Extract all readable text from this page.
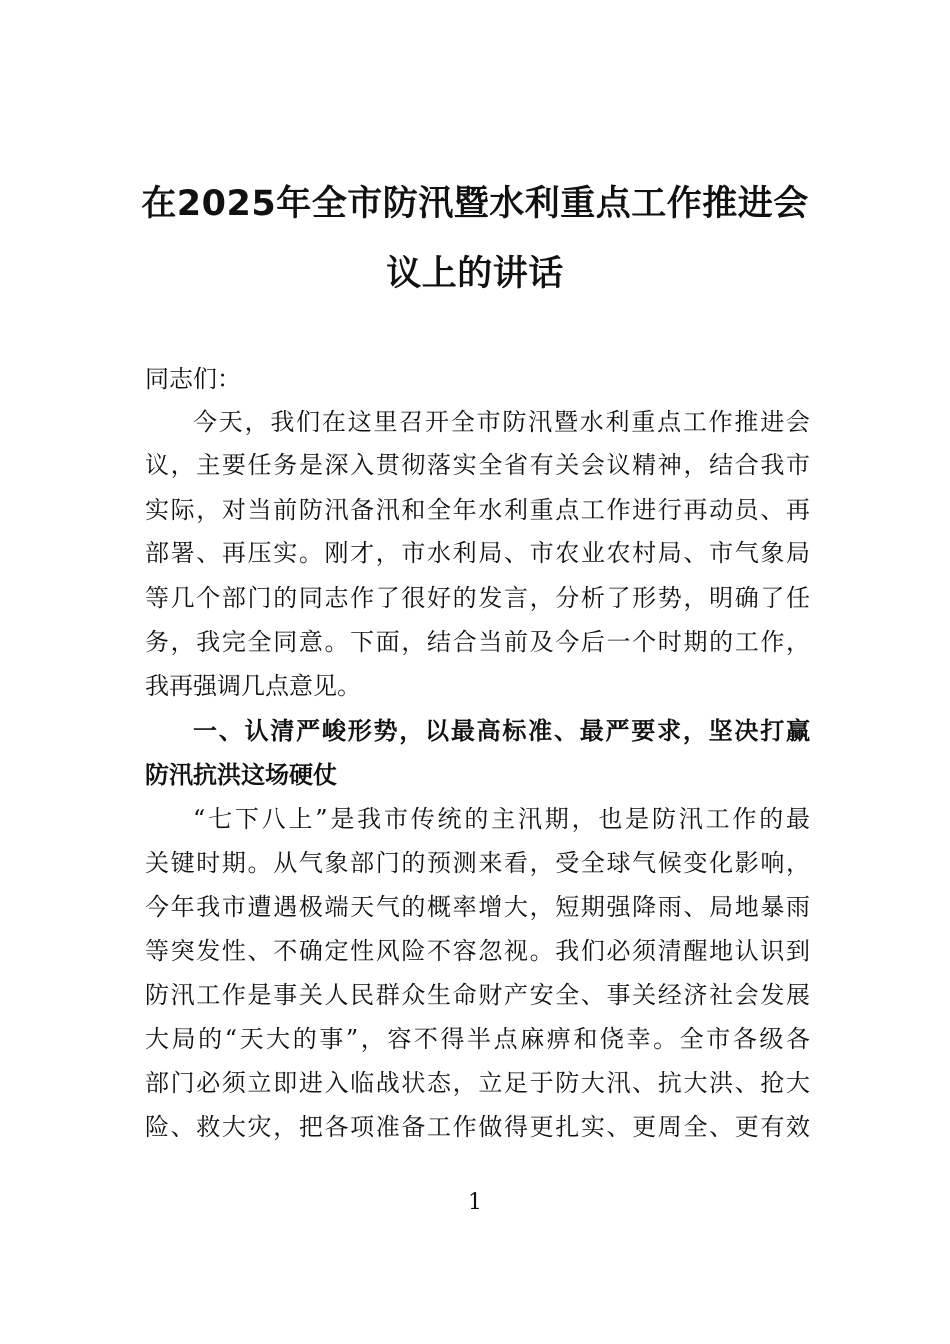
在2025年全市防汛暨水利重点工作推进会
议上的讲话
同志们：
今天，我们在这里召开全市防汛暨水利重点工作推进会
议，主要任务是深入贯彻落实全省有关会议精神，结合我市
实际，对当前防汛备汛和全年水利重点工作进行再动员、再
部署、再压实。刚才，市水利局、市农业农村局、市气象局
等几个部门的同志作了很好的发言，分析了形势，明确了任
务，我完全同意。下面，结合当前及今后一个时期的工作，
我再强调几点意见。
一、认清严峻形势，以最高标准、最严要求，坚决打赢
防汛抗洪这场硬仗
“七下八上”是我市传统的主汛期，也是防汛工作的最
关键时期。从气象部门的预测来看，受全球气候变化影响，
今年我市遭遇极端天气的概率增大，短期强降雨、局地暴雨
等突发性、不确定性风险不容忽视。我们必须清醒地认识到
防汛工作是事关人民群众生命财产安全、事关经济社会发展
大局的“天大的事”，容不得半点麻痹和侥幸。全市各级各
部门必须立即进入临战状态，立足于防大汛、抗大洪、抢大
险、救大灾，把各项准备工作做得更扎实、更周全、更有效
1
